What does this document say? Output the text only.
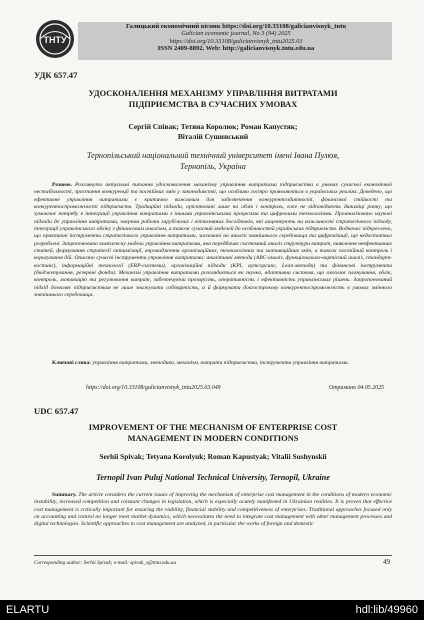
ТНТУ
Галицький економічний вісник https://doi.org/10.33108/galicianvisnyk_tntu
Galician economic journal, No 3 (94) 2025
https://doi.org/10.33108/galicianvisnyk_tntu2025.03
ISSN 2409-8892. Web: http://galicianvisnyk.tntu.edu.ua
УДК 657.47
УДОСКОНАЛЕННЯ МЕХАНІЗМУ УПРАВЛІННЯ ВИТРАТАМИ
ПІДПРИЄМСТВА В СУЧАСНИХ УМОВАХ
Сергій Співак; Тетяна Королюк; Роман Капустяк;
Віталій Сушинський
Тернопільський національний технічний університет імені Івана Пулюя,
Тернопіль, Україна
Резюме. Розглянуто актуальні питання удосконалення механізму управління витратами підприємства в умовах сучасної економічної нестабільності, зростання конкуренції та постійних змін у законодавстві, що особливо гостро проявляються в українських реаліях. Доведено, що ефективне управління витратами є критично важливим для забезпечення конкурентоздатності, фінансової стійкості та конкурентоспроможності підприємств. Традиційні підходи, орієнтовані лише на облік і контроль, вже не відповідають динаміці ринку, що зумовлює потребу в інтеграції управління витратами з іншими управлінськими процесами та цифровими технологіями. Проаналізовано наукові підходи до управління витратами, зокрема роботи зарубіжних і вітчизняних дослідників, які акцентують на важливості стратегічного підходу, інтеграції управлінського обліку з фінансовим аналізом, а також сучасний моделей до особливостей українських підприємств. Водночас підкреслено, що практичні інструменти стратегічного управління витратами, засновані на аналізі зовнішнього середовища та цифровізації, ще недостатньо розроблені. Запропоновано комплексну модель управління витратами, яка передбачає системний аналіз структури витрат, виявлення неефективних статей, формування стратегії оптимізації, впровадження організаційних, технологічних та мотиваційних змін, а також постійний контроль і коригування дій. Описано сучасні інструменти управління витратами: аналітичні методи (АВС-аналіз, функціонально-вартісний аналіз, стандарт-костинг), інформаційні технології (ERP-системи), організаційні підходи (KPI, аутсорсинг, Lean-методи) та фінансові інструменти (бюджетування, резервні фонди). Механізм управління витратами розглядається як гнучка, адаптивна система, що охоплює планування, облік, контроль, мотивацію та регулювання витрат, забезпечуючи прозорість, оперативність і ефективність управлінських рішень. Запропонований підхід дозволяє підприємствам не лише знижувати собівартість, а й формувати довгострокову конкурентоспроможність в умовах змінного зовнішнього середовища.
Ключові слова: управління витратами, методика, механізм, витрати підприємства, інструменти управління витратами.
https://doi.org/10.33108/galicianvisnyk_tntu2025.03.049	Отримано 04.05.2025
UDC 657.47
IMPROVEMENT OF THE MECHANISM OF ENTERPRISE COST
MANAGEMENT IN MODERN CONDITIONS
Serhii Spivak; Tetyana Korolyuk; Roman Kapustyak; Vitalii Sushynskii
Ternopil Ivan Puluj National Technical University, Ternopil, Ukraine
Summary. The article considers the current issues of improving the mechanism of enterprise cost management in the conditions of modern economic instability, increased competition and constant changes in legislation, which is especially acutely manifested in Ukrainian realities. It is proven that effective cost management is critically important for ensuring the viability, financial stability and competitiveness of enterprises. Traditional approaches focused only on accounting and control no longer meet market dynamics, which necessitates the need to integrate cost management with other management processes and digital technologies. Scientific approaches to cost management are analyzed, in particular the works of foreign and domestic
Corresponding author: Serhii Spivak; e-mail: spivak_s@tntu.edu.ua	49
ELARTU	hdl:lib/49960
